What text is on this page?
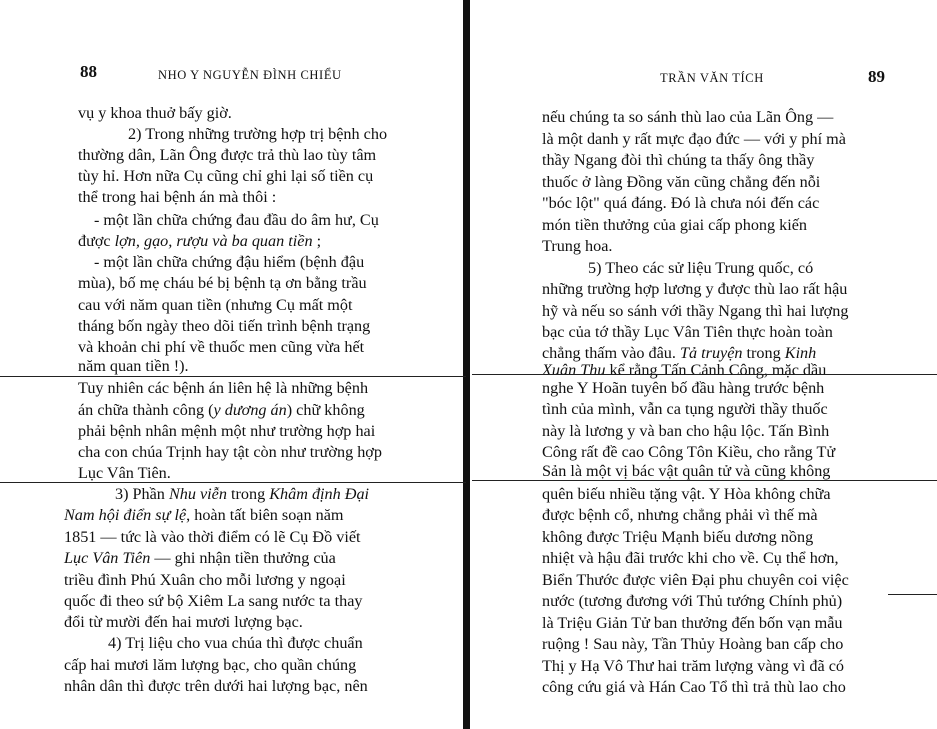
88	NHO Y NGUYỄN ĐÌNH CHIỂU
vụ y khoa thuở bấy giờ.
2) Trong những trường hợp trị bệnh cho
thường dân, Lãn Ông được trả thù lao tùy tâm
tùy hỉ. Hơn nữa Cụ cũng chỉ ghi lại số tiền cụ
thể trong hai bệnh án mà thôi :
- một lần chữa chứng đau đầu do âm hư, Cụ
được lợn, gạo, rượu và ba quan tiền ;
- một lần chữa chứng đậu hiểm (bệnh đậu
mùa), bố mẹ cháu bé bị bệnh tạ ơn bằng trầu
cau với năm quan tiền (nhưng Cụ mất một
tháng bốn ngày theo dõi tiến trình bệnh trạng
và khoản chi phí về thuốc men cũng vừa hết
năm quan tiền !).
Tuy nhiên các bệnh án liên hệ là những bệnh
án chữa thành công (y dương án) chữ không
phải bệnh nhân mệnh một như trường hợp hai
cha con chúa Trịnh hay tật còn như trường hợp
Lục Vân Tiên.
3) Phần Nhu viễn trong Khâm định Đại
Nam hội điển sự lệ, hoàn tất biên soạn năm
1851 — tức là vào thời điểm có lẽ Cụ Đồ viết
Lục Vân Tiên — ghi nhận tiền thưởng của
triều đình Phú Xuân cho mỗi lương y ngoại
quốc đi theo sứ bộ Xiêm La sang nước ta thay
đổi từ mười đến hai mươi lượng bạc.
4) Trị liệu cho vua chúa thì được chuẩn
cấp hai mươi lăm lượng bạc, cho quần chúng
nhân dân thì được trên dưới hai lượng bạc, nên
TRẦN VĂN TÍCH	89
nếu chúng ta so sánh thù lao của Lãn Ông —
là một danh y rất mực đạo đức — với y phí mà
thầy Ngang đòi thì chúng ta thấy ông thầy
thuốc ở làng Đồng văn cũng chẳng đến nỗi
"bóc lột" quá đáng. Đó là chưa nói đến các
món tiền thưởng của giai cấp phong kiến
Trung hoa.
5) Theo các sử liệu Trung quốc, có
những trường hợp lương y được thù lao rất hậu
hỹ và nếu so sánh với thầy Ngang thì hai lượng
bạc của tớ thầy Lục Vân Tiên thực hoàn toàn
chẳng thấm vào đâu. Tả truyện trong Kinh
Xuân Thu kể rằng Tấn Cảnh Công, mặc dầu
nghe Y Hoãn tuyên bố đầu hàng trước bệnh
tình của mình, vẫn ca tụng người thầy thuốc
này là lương y và ban cho hậu lộc. Tấn Bình
Công rất đề cao Công Tôn Kiều, cho rằng Tử
Sản là một vị bác vật quân tử và cũng không
quên biếu nhiều tặng vật. Y Hòa không chữa
được bệnh cổ, nhưng chẳng phải vì thế mà
không được Triệu Mạnh biếu dương nồng
nhiệt và hậu đãi trước khi cho về. Cụ thể hơn,
Biển Thước được viên Đại phu chuyên coi việc
nước (tương đương với Thủ tướng Chính phủ)
là Triệu Giản Tử ban thưởng đến bốn vạn mẫu
ruộng ! Sau này, Tần Thủy Hoàng ban cấp cho
Thị y Hạ Vô Thư hai trăm lượng vàng vì đã có
công cứu giá và Hán Cao Tổ thì trả thù lao cho
